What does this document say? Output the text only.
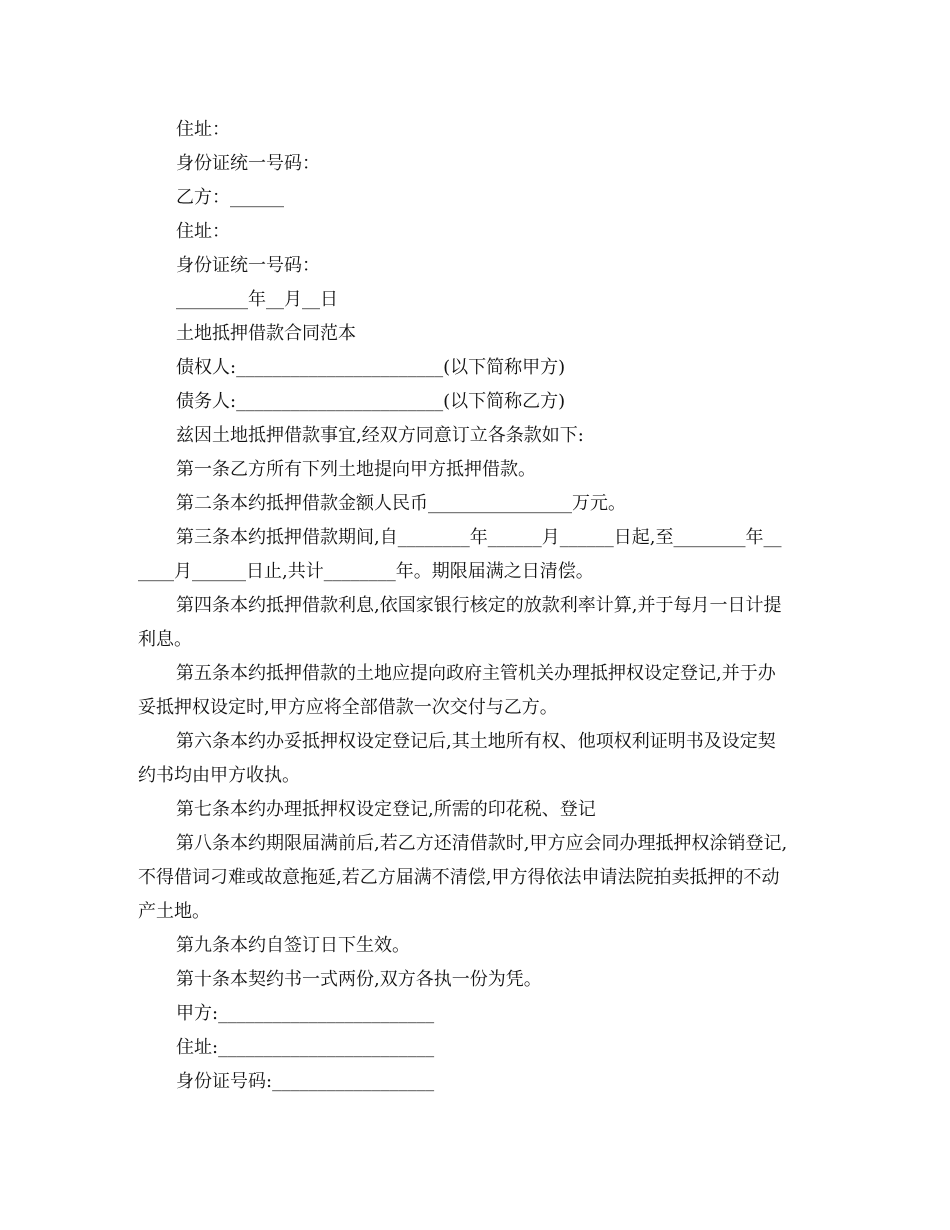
住址：
身份证统一号码：
乙方：______
住址：
身份证统一号码：
________年__月__日
土地抵押借款合同范本
债权人:_______________________(以下简称甲方)
债务人:_______________________(以下简称乙方)
兹因土地抵押借款事宜,经双方同意订立各条款如下:
第一条乙方所有下列土地提向甲方抵押借款。
第二条本约抵押借款金额人民币________________万元。
第三条本约抵押借款期间,自________年______月______日起,至________年__
____月______日止,共计________年。期限届满之日清偿。
第四条本约抵押借款利息,依国家银行核定的放款利率计算,并于每月一日计提
利息。
第五条本约抵押借款的土地应提向政府主管机关办理抵押权设定登记,并于办
妥抵押权设定时,甲方应将全部借款一次交付与乙方。
第六条本约办妥抵押权设定登记后,其土地所有权、他项权利证明书及设定契
约书均由甲方收执。
第七条本约办理抵押权设定登记,所需的印花税、登记
第八条本约期限届满前后,若乙方还清借款时,甲方应会同办理抵押权涂销登记,
不得借词刁难或故意拖延,若乙方届满不清偿,甲方得依法申请法院拍卖抵押的不动
产土地。
第九条本约自签订日下生效。
第十条本契约书一式两份,双方各执一份为凭。
甲方:________________________
住址:________________________
身份证号码:__________________
